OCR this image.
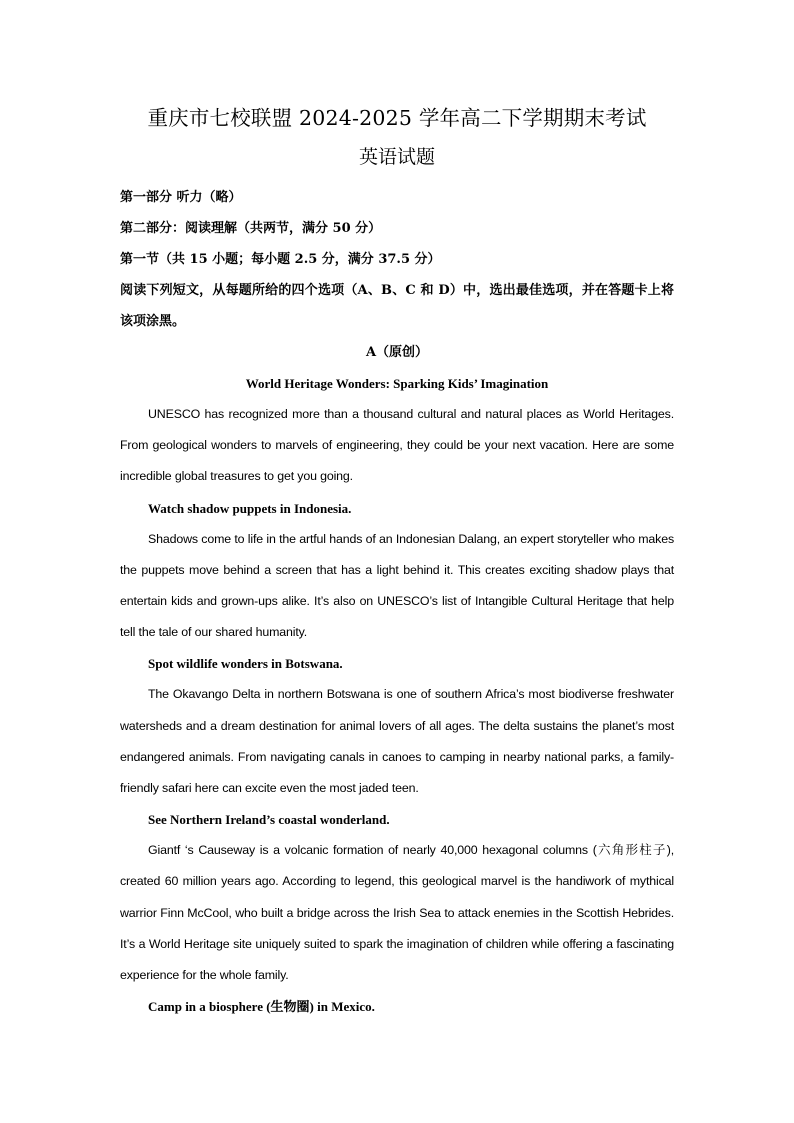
重庆市七校联盟 2024-2025 学年高二下学期期末考试
英语试题

第一部分 听力（略）

第二部分：阅读理解（共两节，满分 50 分）

第一节（共 15 小题；每小题 2.5 分，满分 37.5 分）

阅读下列短文，从每题所给的四个选项（A、B、C 和 D）中，选出最佳选项，并在答题卡上将该项涂黑。

A（原创）

World Heritage Wonders: Sparking Kids’ Imagination

UNESCO has recognized more than a thousand cultural and natural places as World Heritages. From geological wonders to marvels of engineering, they could be your next vacation. Here are some incredible global treasures to get you going.

Watch shadow puppets in Indonesia.

Shadows come to life in the artful hands of an Indonesian Dalang, an expert storyteller who makes the puppets move behind a screen that has a light behind it. This creates exciting shadow plays that entertain kids and grown-ups alike. It’s also on UNESCO’s list of Intangible Cultural Heritage that help tell the tale of our shared humanity.

Spot wildlife wonders in Botswana.

The Okavango Delta in northern Botswana is one of southern Africa’s most biodiverse freshwater watersheds and a dream destination for animal lovers of all ages. The delta sustains the planet’s most endangered animals. From navigating canals in canoes to camping in nearby national parks, a family-friendly safari here can excite even the most jaded teen.

See Northern Ireland’s coastal wonderland.

Giantf ‘s Causeway is a volcanic formation of nearly 40,000 hexagonal columns (六角形柱子), created 60 million years ago. According to legend, this geological marvel is the handiwork of mythical warrior Finn McCool, who built a bridge across the Irish Sea to attack enemies in the Scottish Hebrides. It’s a World Heritage site uniquely suited to spark the imagination of children while offering a fascinating experience for the whole family.

Camp in a biosphere (生物圈) in Mexico.
